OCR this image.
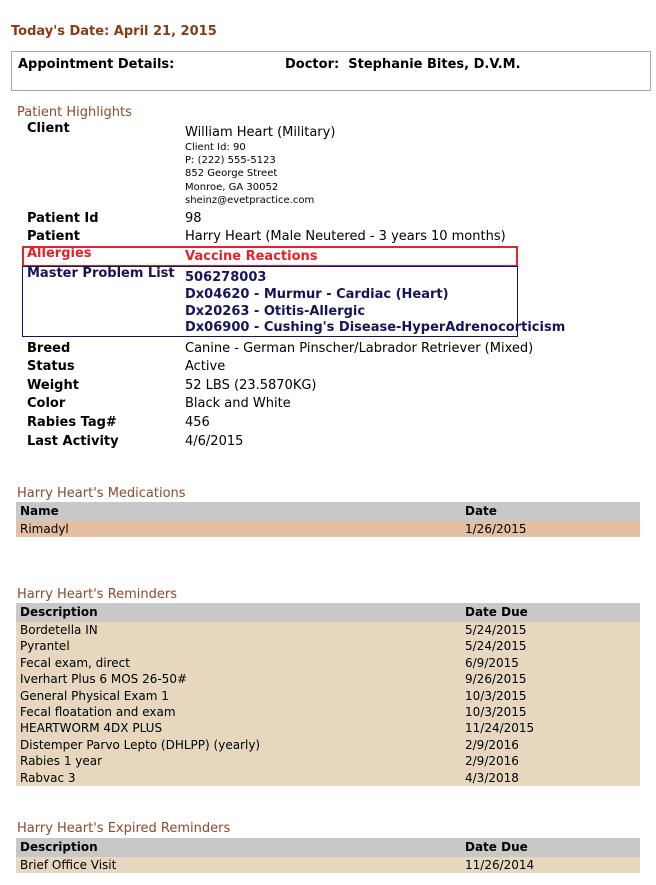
Today's Date: April 21, 2015
Appointment Details:	Doctor:  Stephanie Bites, D.V.M.
Patient Highlights
Client	William Heart (Military)
Client Id: 90
P: (222) 555-5123
852 George Street
Monroe, GA 30052
sheinz@evetpractice.com
Patient Id	98
Patient	Harry Heart (Male Neutered - 3 years 10 months)
Allergies	Vaccine Reactions
Master Problem List 506278003
Dx04620 - Murmur - Cardiac (Heart)
Dx20263 - Otitis-Allergic
Dx06900 - Cushing's Disease-HyperAdrenocorticism
Breed	Canine - German Pinscher/Labrador Retriever (Mixed)
Status	Active
Weight	52 LBS (23.5870KG)
Color	Black and White
Rabies Tag#	456
Last Activity	4/6/2015
Harry Heart's Medications
Name	Date
Rimadyl	1/26/2015
Harry Heart's Reminders
Description	Date Due
Bordetella IN	5/24/2015
Pyrantel	5/24/2015
Fecal exam, direct	6/9/2015
Iverhart Plus 6 MOS 26-50#	9/26/2015
General Physical Exam 1	10/3/2015
Fecal floatation and exam	10/3/2015
HEARTWORM 4DX PLUS	11/24/2015
Distemper Parvo Lepto (DHLPP) (yearly)	2/9/2016
Rabies 1 year	2/9/2016
Rabvac 3	4/3/2018
Harry Heart's Expired Reminders
Description	Date Due
Brief Office Visit	11/26/2014
